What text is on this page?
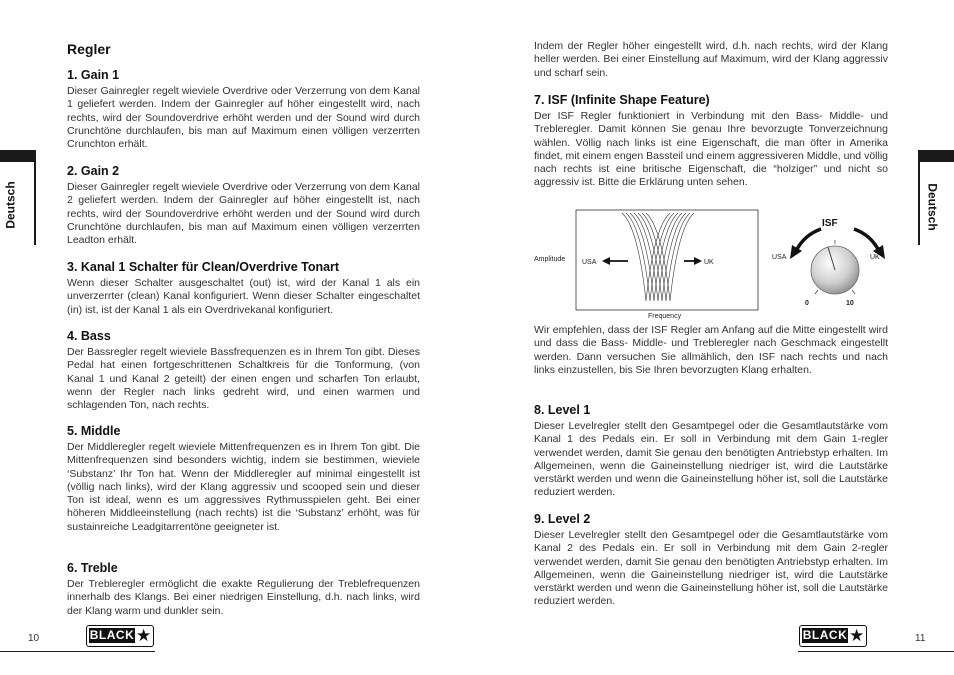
Deutsch
Regler
1. Gain 1

Dieser Gainregler regelt wieviele Overdrive oder Verzerrung von dem Kanal 1 geliefert werden. Indem der Gainregler auf höher eingestellt wird, nach rechts, wird der Soundoverdrive erhöht werden und der Sound wird durch Crunchtöne durchlaufen, bis man auf Maximum einen völligen verzerrten Crunchton erhält.

2. Gain 2

Dieser Gainregler regelt wieviele Overdrive oder Verzerrung von dem Kanal 2 geliefert werden. Indem der Gainregler auf höher eingestellt ist, nach rechts, wird der Soundoverdrive erhöht werden und der Sound wird durch Crunchtöne durchlaufen, bis man auf Maximum einen völligen verzerrten Leadton erhält.

3. Kanal 1 Schalter für Clean/Overdrive Tonart

Wenn dieser Schalter ausgeschaltet (out) ist, wird der Kanal 1 als ein unverzerrter (clean) Kanal konfiguriert. Wenn dieser Schalter eingeschaltet (in) ist, ist der Kanal 1 als ein Overdrivekanal konfiguriert.

4. Bass

Der Bassregler regelt wieviele Bassfrequenzen es in Ihrem Ton gibt. Dieses Pedal hat einen fortgeschrittenen Schaltkreis für die Tonformung, (von Kanal 1 und Kanal 2 geteilt) der einen engen und scharfen Ton erlaubt, wenn der Regler nach links gedreht wird, und einen warmen und schlagenden Ton, nach rechts.

5. Middle

Der Middleregler regelt wieviele Mittenfrequenzen es in Ihrem Ton gibt. Die Mittenfrequenzen sind besonders wichtig, indem sie bestimmen, wieviele ‘Substanz’ Ihr Ton hat. Wenn der Middleregler auf minimal eingestellt ist (völlig nach links), wird der Klang aggressiv und scooped sein und dieser Ton ist ideal, wenn es um aggressives Rythmusspielen geht. Bei einer höheren Middleeinstellung (nach rechts) ist die ‘Substanz’ erhöht, was für sustainreiche Leadgitarrentöne geeigneter ist.

6. Treble

Der Trebleregler ermöglicht die exakte Regulierung der Treblefrequenzen innerhalb des Klangs. Bei einer niedrigen Einstellung, d.h. nach links, wird der Klang warm und dunkler sein.

10	BLACK ★
Deutsch

Indem der Regler höher eingestellt wird, d.h. nach rechts, wird der Klang heller werden. Bei einer Einstellung auf Maximum, wird der Klang aggressiv und scharf sein.

7. ISF (Infinite Shape Feature)

Der ISF Regler funktioniert in Verbindung mit den Bass- Middle- und Trebleregler. Damit können Sie genau Ihre bevorzugte Tonverzeichnung wählen. Völlig nach links ist eine Eigenschaft, die man öfter in Amerika findet, mit einem engen Bassteil und einem aggressiveren Middle, und völlig nach rechts ist eine britische Eigenschaft, die “holziger” und nicht so aggressiv ist. Bitte die Erklärung unten sehen.

Amplitude USA	UK
Frequency
ISF
USA	UK
0	10

Wir empfehlen, dass der ISF Regler am Anfang auf die Mitte eingestellt wird und dass die Bass- Middle- und Trebleregler nach Geschmack eingestellt werden. Dann versuchen Sie allmählich, den ISF nach rechts und nach links einzustellen, bis Sie Ihren bevorzugten Klang erhalten.

8. Level 1

Dieser Levelregler stellt den Gesamtpegel oder die Gesamtlautstärke vom Kanal 1 des Pedals ein. Er soll in Verbindung mit dem Gain 1-regler verwendet werden, damit Sie genau den benötigten Antriebstyp erhalten. Im Allgemeinen, wenn die Gaineinstellung niedriger ist, wird die Lautstärke verstärkt werden und wenn die Gaineinstellung höher ist, soll die Lautstärke reduziert werden.

9. Level 2

Dieser Levelregler stellt den Gesamtpegel oder die Gesamtlautstärke vom Kanal 2 des Pedals ein. Er soll in Verbindung mit dem Gain 2-regler verwendet werden, damit Sie genau den benötigten Antriebstyp erhalten. Im Allgemeinen, wenn die Gaineinstellung niedriger ist, wird die Lautstärke verstärkt werden und wenn die Gaineinstellung höher ist, soll die Lautstärke reduziert werden.

BLACK ★	11
